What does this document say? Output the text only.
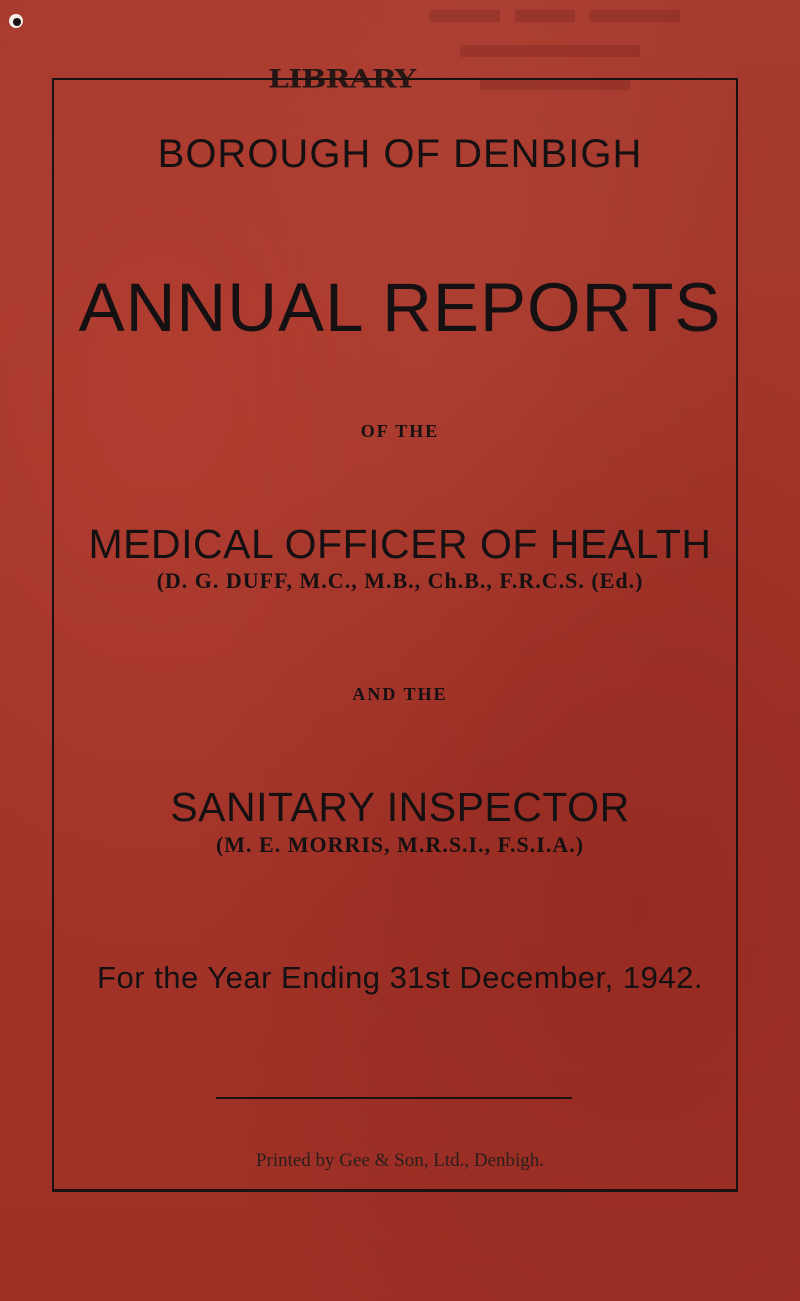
LIBRARY
BOROUGH OF DENBIGH
ANNUAL REPORTS
OF THE
MEDICAL OFFICER OF HEALTH
(D. G. DUFF, M.C., M.B., Ch.B., F.R.C.S. (Ed.)
AND THE
SANITARY INSPECTOR
(M. E. MORRIS, M.R.S.I., F.S.I.A.)
For the Year Ending 31st December, 1942.
Printed by Gee & Son, Ltd., Denbigh.
